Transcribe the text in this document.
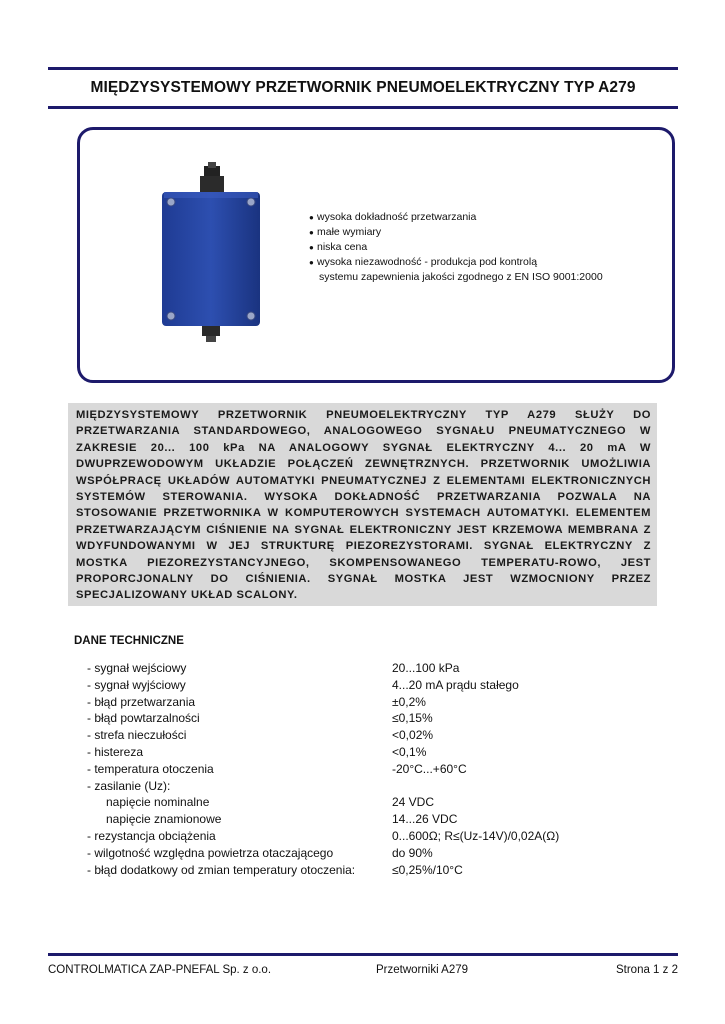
MIĘDZYSYSTEMOWY PRZETWORNIK PNEUMOELEKTRYCZNY TYP A279
● wysoka dokładność przetwarzania
● małe wymiary
● niska cena
● wysoka niezawodność - produkcja pod kontrolą
systemu zapewnienia jakości zgodnego z EN ISO 9001:2000

MIĘDZYSYSTEMOWY PRZETWORNIK PNEUMOELEKTRYCZNY TYP A279 SŁUŻY DO PRZETWARZANIA STANDARDOWEGO, ANALOGOWEGO SYGNAŁU PNEUMATYCZNEGO W ZAKRESIE 20... 100 kPa NA ANALOGOWY SYGNAŁ ELEKTRYCZNY 4... 20 mA W DWUPRZEWODOWYM UKŁADZIE POŁĄCZEŃ ZEWNĘTRZNYCH. PRZETWORNIK UMOŻLIWIA WSPÓŁPRACĘ UKŁADÓW AUTOMATYKI PNEUMATYCZNEJ Z ELEMENTAMI ELEKTRONICZNYCH SYSTEMÓW STEROWANIA. WYSOKA DOKŁADNOŚĆ PRZETWARZANIA POZWALA NA STOSOWANIE PRZETWORNIKA W KOMPUTEROWYCH SYSTEMACH AUTOMATYKI. ELEMENTEM PRZETWARZAJĄCYM CIŚNIENIE NA SYGNAŁ ELEKTRONICZNY JEST KRZEMOWA MEMBRANA Z WDYFUNDOWANYMI W JEJ STRUKTURĘ PIEZOREZYSTORAMI. SYGNAŁ ELEKTRYCZNY Z MOSTKA PIEZOREZYSTANCYJNEGO, SKOMPENSOWANEGO TEMPERATU-ROWO, JEST PROPORCJONALNY DO CIŚNIENIA. SYGNAŁ MOSTKA JEST WZMOCNIONY PRZEZ SPECJALIZOWANY UKŁAD SCALONY.

DANE TECHNICZNE
- sygnał wejściowy	20...100 kPa
- sygnał wyjściowy	4...20 mA prądu stałego
- błąd przetwarzania	±0,2%
- błąd powtarzalności	≤0,15%
- strefa nieczułości	<0,02%
- histereza	<0,1%
- temperatura otoczenia	-20°C...+60°C
- zasilanie (Uz):
napięcie nominalne	24 VDC
napięcie znamionowe	14...26 VDC
- rezystancja obciążenia	0...600Ω; R≤(Uz-14V)/0,02A(Ω)
- wilgotność względna powietrza otaczającego	do 90%
- błąd dodatkowy od zmian temperatury otoczenia:	≤0,25%/10°C
CONTROLMATICA ZAP-PNEFAL Sp. z o.o.	Przetworniki A279	Strona 1 z 2
